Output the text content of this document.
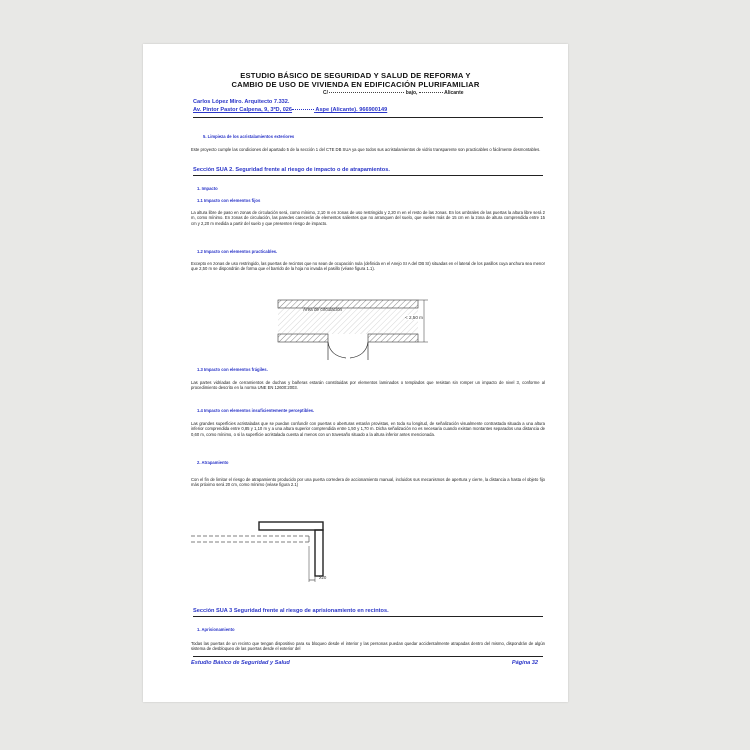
ESTUDIO BÁSICO DE SEGURIDAD Y SALUD DE REFORMA Y
CAMBIO DE USO DE VIVIENDA EN EDIFICACIÓN PLURIFAMILIAR
C/	bajo,	Alicante
Carlos López Miro. Arquitecto 7.332.
Av. Pintor Pastor Calpena, 9, 3ºD, 026	Aspe (Alicante). 966900149
5. Limpieza de los acristalamientos exteriores
Este proyecto cumple las condiciones del apartado 5 de la sección 1 del CTE DB SUA ya que todos sus acristalamientos de vidrio transparente son practicables o fácilmente desmontables.
Sección SUA 2. Seguridad frente al riesgo de impacto o de atrapamientos.
1. Impacto
1.1 Impacto con elementos fijos
La altura libre de paso en zonas de circulación será, como mínimo, 2,10 m en zonas de uso restringido y 2,20 m en el resto de las zonas. En los umbrales de las puertas la altura libre será 2 m, como mínimo. En zonas de circulación, las paredes carecerán de elementos salientes que no arranquen del suelo, que vuelen más de 15 cm en la zona de altura comprendida entre 15 cm y 2,20 m medida a partir del suelo y que presenten riesgo de impacto.
1.2 Impacto con elementos practicables.
Excepto en zonas de uso restringido, las puertas de recintos que no sean de ocupación nula (definida en el Anejo SI A del DB SI) situadas en el lateral de los pasillos cuya anchura sea menor que 2,50 m se dispondrán de forma que el barrido de la hoja no invada el pasillo (véase figura 1.1).
Área de circulación
< 2,50 m
1.3 Impacto con elementos frágiles.
Las partes vidriadas de cerramientos de duchas y bañeras estarán constituidas por elementos laminados o templados que resistan sin romper un impacto de nivel 3, conforme al procedimiento descrito en la norma UNE EN 12600:2003.
1.4 Impacto con elementos insuficientemente perceptibles.
Las grandes superficies acristaladas que se puedan confundir con puertas o aberturas estarán provistas, en toda su longitud, de señalización visualmente contrastada situada a una altura inferior comprendida entre 0,85 y 1,10 m y a una altura superior comprendida entre 1,50 y 1,70 m. Dicha señalización no es necesaria cuando existan montantes separados una distancia de 0,60 m, como mínimo, o si la superficie acristalada cuenta al menos con un travesaño situado a la altura inferior antes mencionada.
2. Atrapamiento
Con el fin de limitar el riesgo de atrapamiento producido por una puerta corredera de accionamiento manual, incluidos sus mecanismos de apertura y cierre, la distancia a hasta el objeto fijo más próximo será 20 cm, como mínimo (véase figura 2.1)
≥20
Sección SUA 3 Seguridad frente al riesgo de aprisionamiento en recintos.
1. Aprisionamiento
Todas las puertas de un recinto que tengan dispositivo para su bloqueo desde el interior y las personas puedan quedar accidentalmente atrapadas dentro del mismo, dispondrán de algún sistema de desbloqueo de las puertas desde el exterior del
Estudio Básico de Seguridad y Salud	Página 32
